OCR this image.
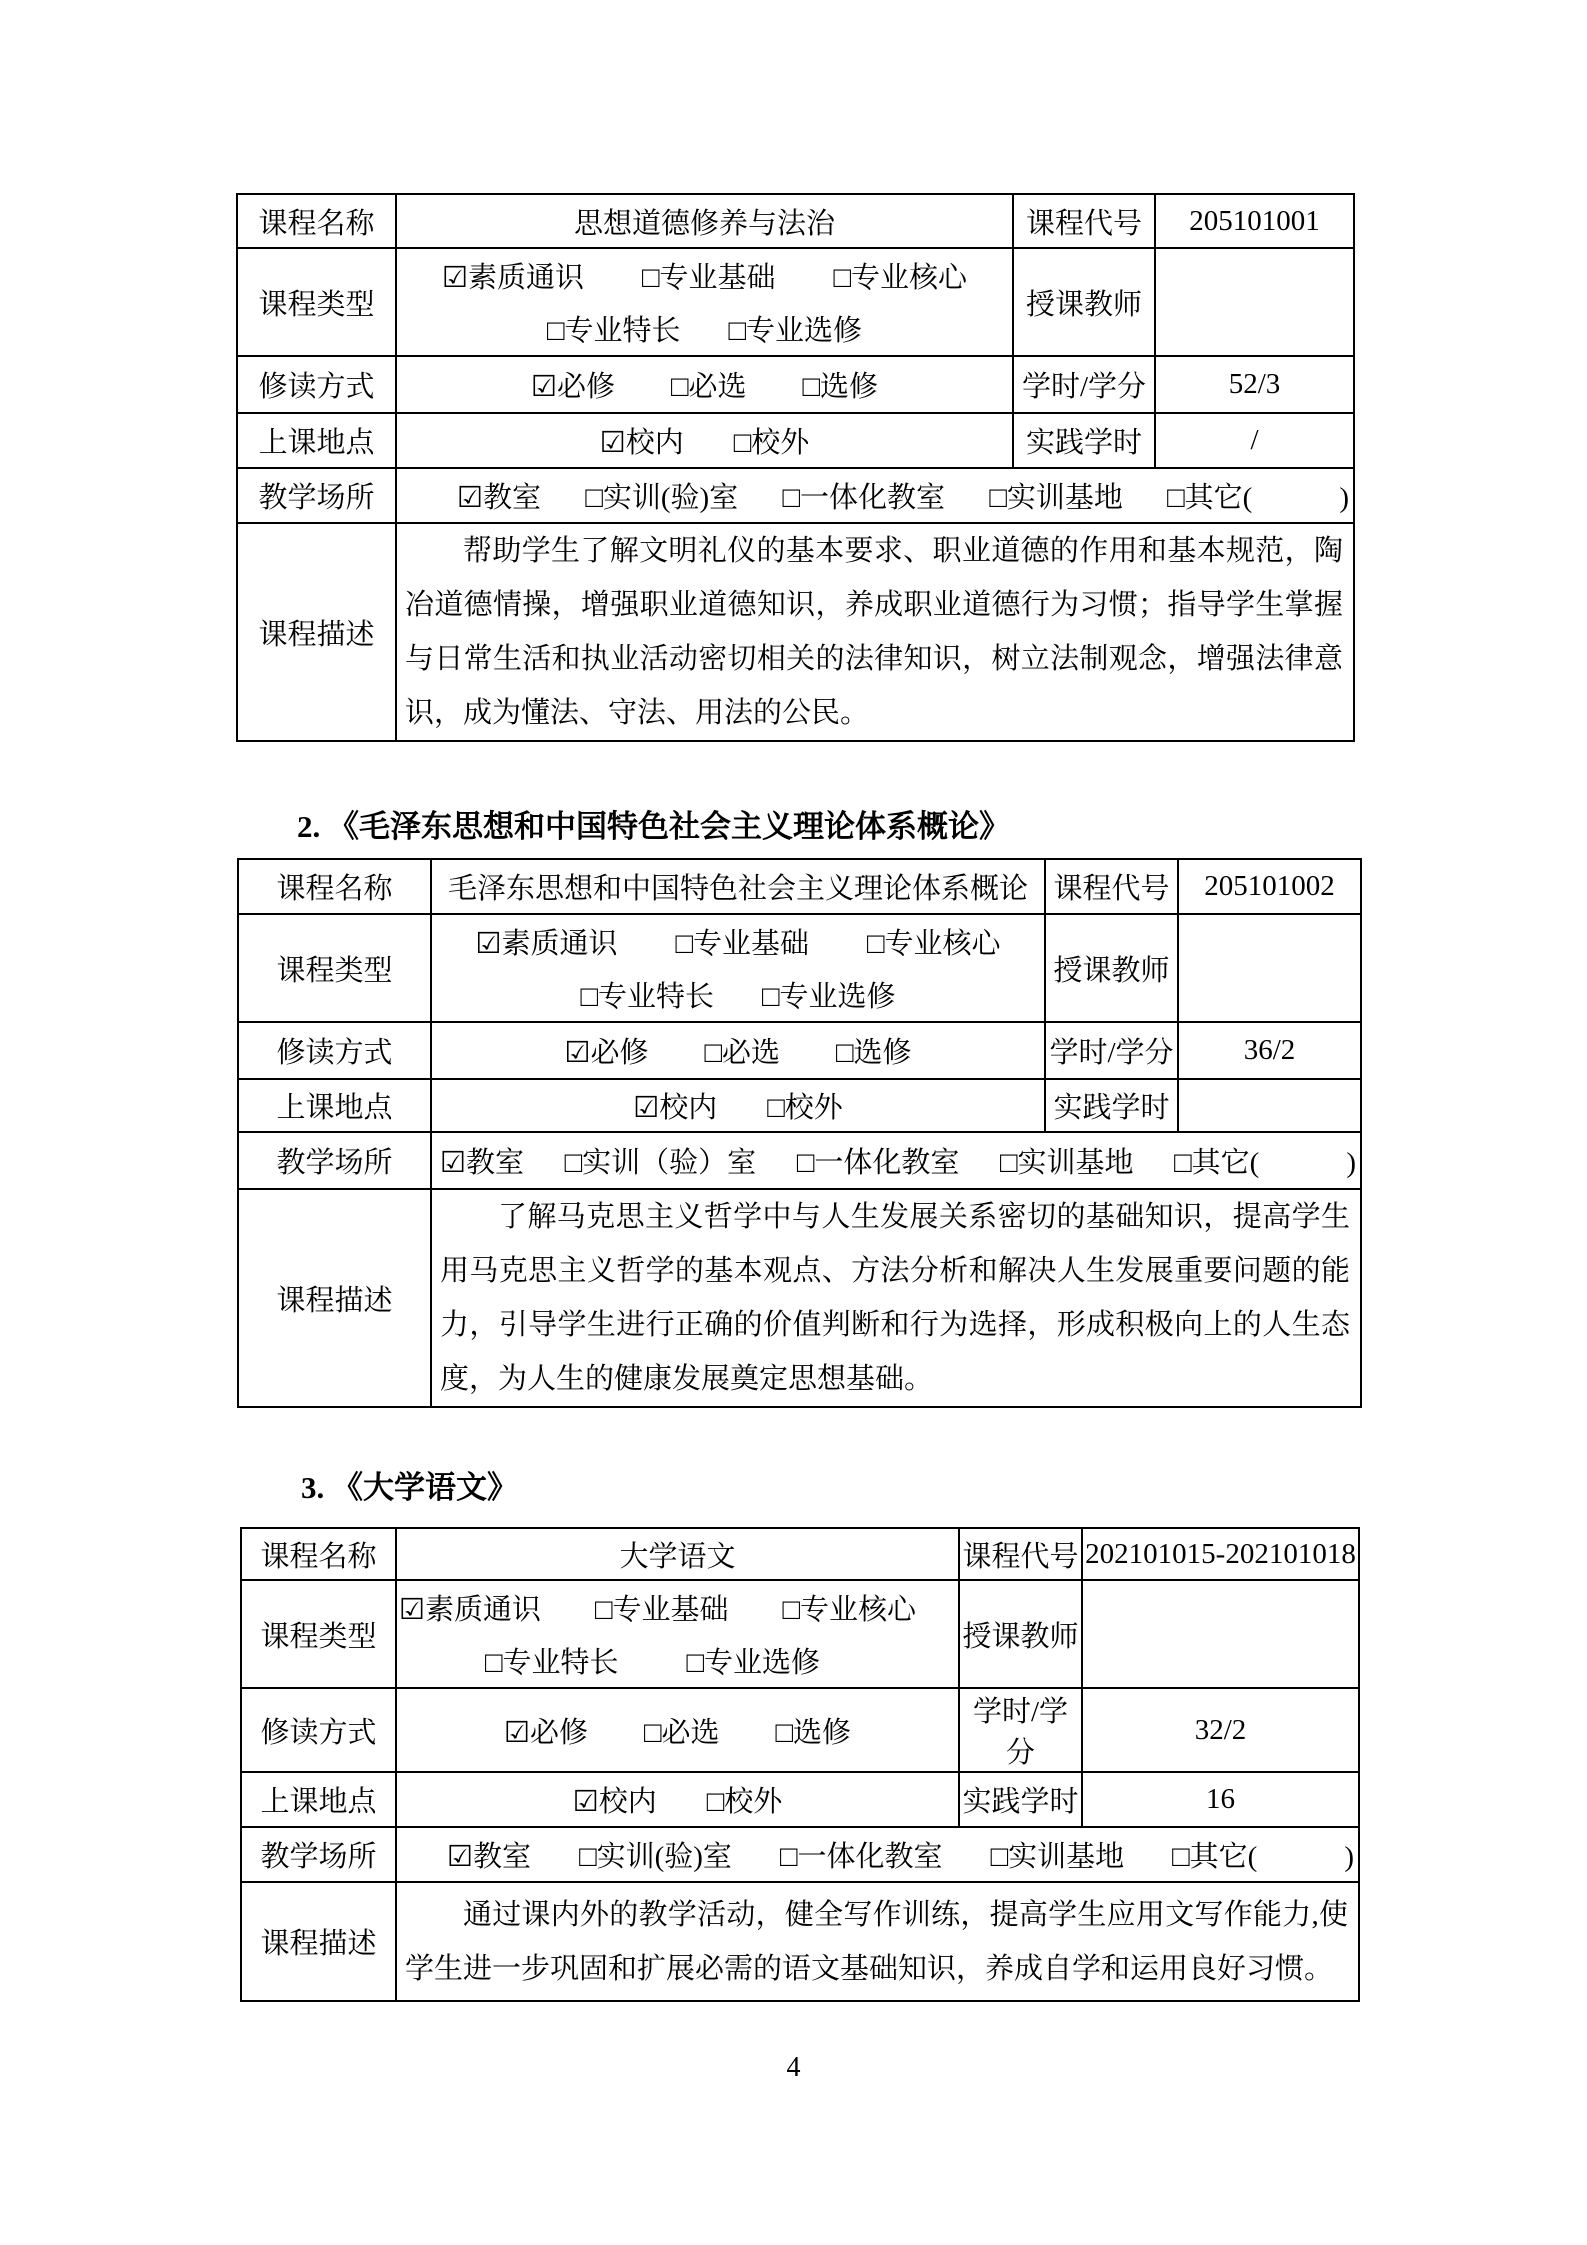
课程名称	思想道德修养与法治	课程代号	205101001
课程类型	☑素质通识 □专业基础 □专业核心
□专业特长 □专业选修	授课教师	
修读方式	☑必修 □必选 □选修	学时/学分	52/3
上课地点	☑校内 □校外	实践学时	/
教学场所	☑教室 □实训(验)室 □一体化教室 □实训基地 □其它(　　　)		

课程描述	帮助学生了解文明礼仪的基本要求、职业道德的作用和基本规范，陶冶道德情操，增强职业道德知识，养成职业道德行为习惯；指导学生掌握与日常生活和执业活动密切相关的法律知识，树立法制观念，增强法律意识，成为懂法、守法、用法的公民。		

2. 《毛泽东思想和中国特色社会主义理论体系概论》
课程名称	毛泽东思想和中国特色社会主义理论体系概论	课程代号	205101002
课程类型	☑素质通识 □专业基础 □专业核心
□专业特长 □专业选修	授课教师	
修读方式	☑必修 □必选 □选修	学时/学分	36/2
上课地点	☑校内 □校外	实践学时	
教学场所	☑教室 □实训（验）室 □一体化教室 □实训基地 □其它(　　　)		

课程描述	了解马克思主义哲学中与人生发展关系密切的基础知识，提高学生用马克思主义哲学的基本观点、方法分析和解决人生发展重要问题的能力，引导学生进行正确的价值判断和行为选择，形成积极向上的人生态度，为人生的健康发展奠定思想基础。		

3. 《大学语文》
课程名称	大学语文	课程代号	202101015-202101018
课程类型	☑素质通识 □专业基础 □专业核心
□专业特长 □专业选修	授课教师	
修读方式	☑必修 □必选 □选修	学时/学分	32/2
上课地点	☑校内 □校外	实践学时	16
教学场所	☑教室 □实训(验)室 □一体化教室 □实训基地 □其它(　　　)		

课程描述	通过课内外的教学活动，健全写作训练，提高学生应用文写作能力,使学生进一步巩固和扩展必需的语文基础知识，养成自学和运用良好习惯。		

4
